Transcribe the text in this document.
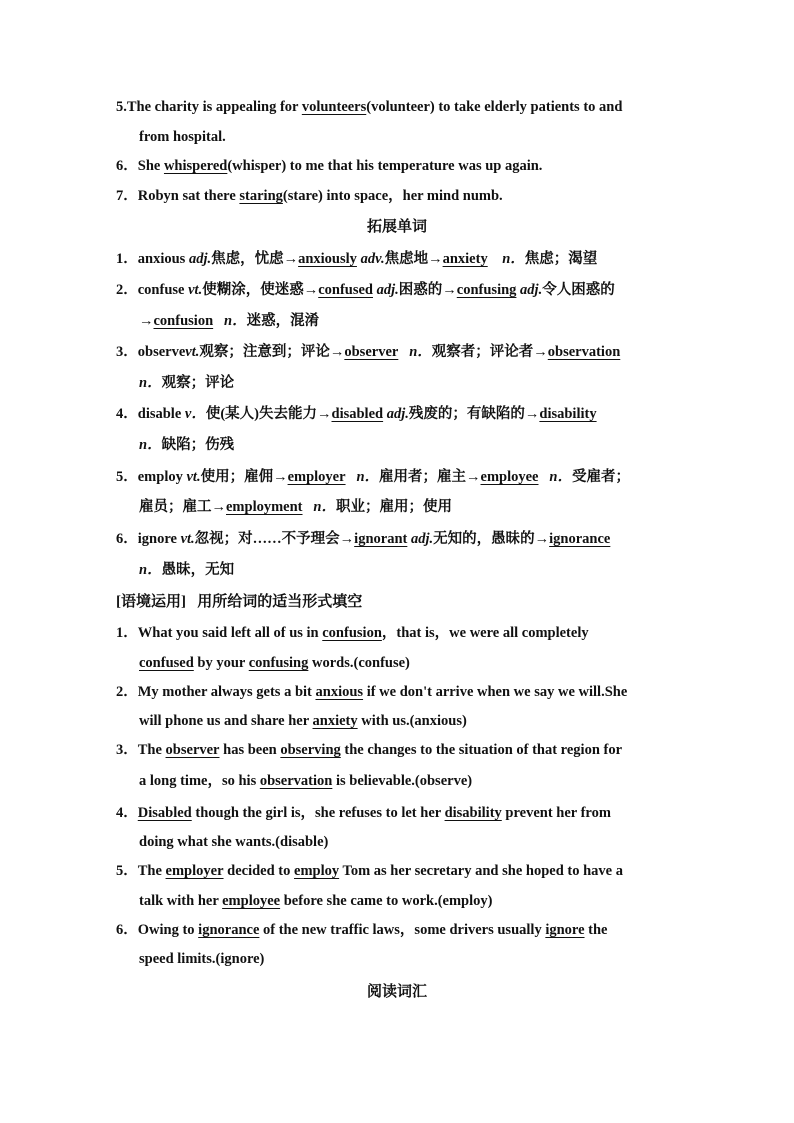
5.The charity is appealing for volunteers(volunteer) to take elderly patients to and
from hospital.
6．She whispered(whisper) to me that his temperature was up again.
7．Robyn sat there staring(stare) into space，her mind numb.
拓展单词
1．anxious adj.焦虑，忧虑→anxiously adv.焦虑地→anxiety n．焦虑；渴望
2．confuse vt.使糊涂，使迷惑→confused adj.困惑的→confusing adj.令人困惑的
→confusion n．迷惑，混淆
3．observevt.观察；注意到；评论→observer n．观察者；评论者→observation
n．观察；评论
4．disable v．使(某人)失去能力→disabled adj.残废的；有缺陷的→disability
n．缺陷；伤残
5．employ vt.使用；雇佣→employer n．雇用者；雇主→employee n．受雇者；
雇员；雇工→employment n．职业；雇用；使用
6．ignore vt.忽视；对……不予理会→ignorant adj.无知的，愚昧的→ignorance
n．愚昧，无知
[语境运用] 用所给词的适当形式填空
1．What you said left all of us in confusion，that is，we were all completely
confused by your confusing words.(confuse)
2．My mother always gets a bit anxious if we don't arrive when we say we will.She
will phone us and share her anxiety with us.(anxious)
3．The observer has been observing the changes to the situation of that region for
a long time，so his observation is believable.(observe)
4．Disabled though the girl is，she refuses to let her disability prevent her from
doing what she wants.(disable)
5．The employer decided to employ Tom as her secretary and she hoped to have a
talk with her employee before she came to work.(employ)
6．Owing to ignorance of the new traffic laws，some drivers usually ignore the
speed limits.(ignore)
阅读词汇
